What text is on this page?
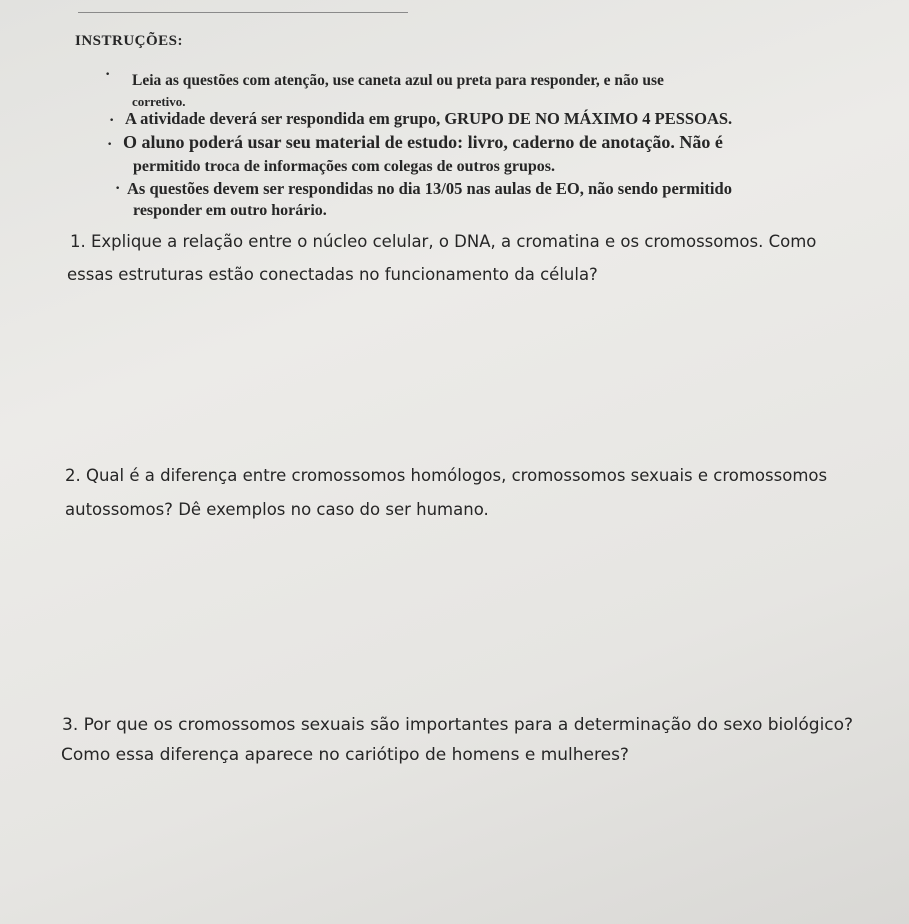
INSTRUÇÕES:
· Leia as questões com atenção, use caneta azul ou preta para responder, e não use

corretivo.

· A atividade deverá ser respondida em grupo, GRUPO DE NO MÁXIMO 4 PESSOAS.

· O aluno poderá usar seu material de estudo: livro, caderno de anotação. Não é

permitido troca de informações com colegas de outros grupos.

· As questões devem ser respondidas no dia 13/05 nas aulas de EO, não sendo permitido

responder em outro horário.

1. Explique a relação entre o núcleo celular, o DNA, a cromatina e os cromossomos. Como

essas estruturas estão conectadas no funcionamento da célula?

2. Qual é a diferença entre cromossomos homólogos, cromossomos sexuais e cromossomos

autossomos? Dê exemplos no caso do ser humano.

3. Por que os cromossomos sexuais são importantes para a determinação do sexo biológico?

Como essa diferença aparece no cariótipo de homens e mulheres?
